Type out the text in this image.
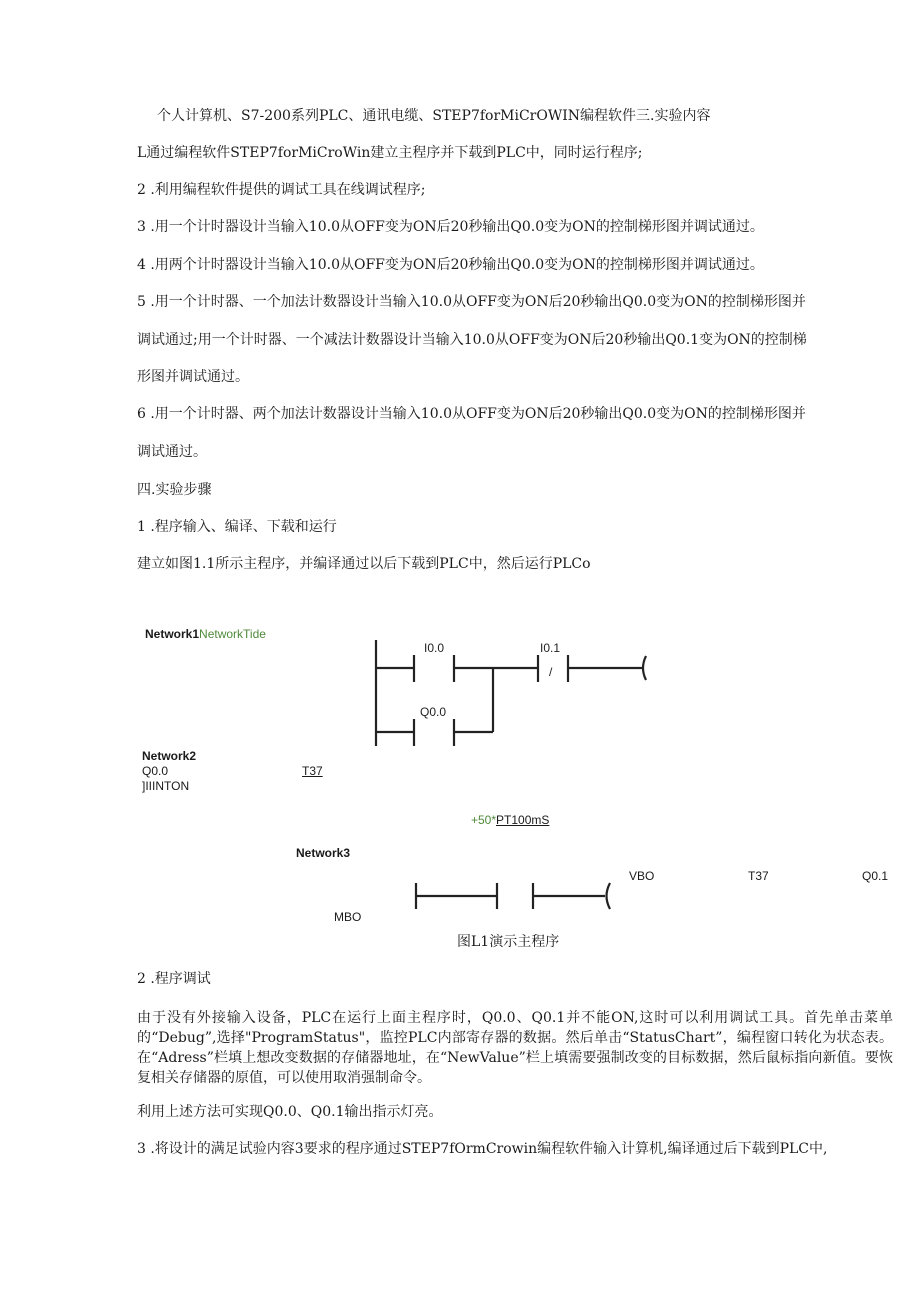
个人计算机、S7-200系列PLC、通讯电缆、STEP7forMiCrOWIN编程软件三.实验内容
L通过编程软件STEP7forMiCroWin建立主程序并下载到PLC中，同时运行程序;
2 .利用编程软件提供的调试工具在线调试程序;
3 .用一个计时器设计当输入10.0从OFF变为ON后20秒输出Q0.0变为ON的控制梯形图并调试通过。
4 .用两个计时器设计当输入10.0从OFF变为ON后20秒输出Q0.0变为ON的控制梯形图并调试通过。
5 .用一个计时器、一个加法计数器设计当输入10.0从OFF变为ON后20秒输出Q0.0变为ON的控制梯形图并
调试通过;用一个计时器、一个减法计数器设计当输入10.0从OFF变为ON后20秒输出Q0.1变为ON的控制梯
形图并调试通过。
6 .用一个计时器、两个加法计数器设计当输入10.0从OFF变为ON后20秒输出Q0.0变为ON的控制梯形图并
调试通过。
四.实验步骤
1 .程序输入、编译、下载和运行
建立如图1.1所示主程序，并编译通过以后下载到PLC中，然后运行PLCo
Network1NetworkTide
I0.0	I0.1
/
Q0.0
Network2
Q0.0
]IIINTON
T37
+50*PT100mS
Network3
VBO	T37	Q0.1
MBO
图L1演示主程序
2 .程序调试
由于没有外接输入设备，PLC在运行上面主程序时，Q0.0、Q0.1并不能ON,这时可以利用调试工具。首先单击菜单的“Debug”,选择"ProgramStatus"，监控PLC内部寄存器的数据。然后单击“StatusChart”，编程窗口转化为状态表。在“Adress”栏填上想改变数据的存储器地址，在“NewValue”栏上填需要强制改变的目标数据，然后鼠标指向新值。要恢复相关存储器的原值，可以使用取消强制命令。
利用上述方法可实现Q0.0、Q0.1输出指示灯亮。
3 .将设计的满足试验内容3要求的程序通过STEP7fOrmCrowin编程软件输入计算机,编译通过后下载到PLC中,
